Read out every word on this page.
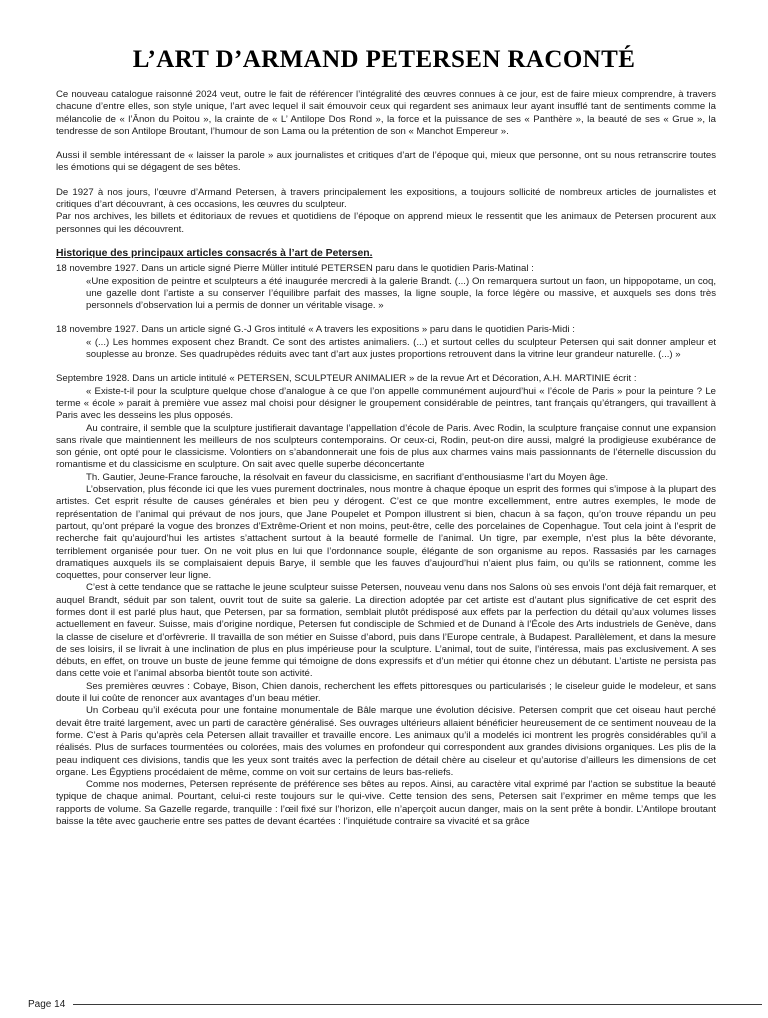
L’ART D’ARMAND PETERSEN RACONTÉ

Ce nouveau catalogue raisonné 2024 veut, outre le fait de référencer l’intégralité des œuvres connues à ce jour, est de faire mieux comprendre, à travers chacune d’entre elles, son style unique, l’art avec lequel il sait émouvoir ceux qui regardent ses animaux leur ayant insufflé tant de sentiments comme la mélancolie de « l’Ânon du Poitou », la crainte de « L’ Antilope Dos Rond », la force et la puissance de ses « Panthère », la beauté de ses « Grue », la tendresse de son Antilope Broutant, l’humour de son Lama ou la prétention de son « Manchot Empereur ».

Aussi il semble intéressant de « laisser la parole » aux journalistes et critiques d’art de l’époque qui, mieux que personne, ont su nous retranscrire toutes les émotions qui se dégagent de ses bêtes.

De 1927 à nos jours, l’œuvre d’Armand Petersen, à travers principalement les expositions, a toujours sollicité de nombreux articles de journalistes et critiques d’art découvrant, à ces occasions, les œuvres du sculpteur.

Par nos archives, les billets et éditoriaux de revues et quotidiens de l’époque on apprend mieux le ressentit que les animaux de Petersen procurent aux personnes qui les découvrent.

Historique des principaux articles consacrés à l’art de Petersen.

18 novembre 1927. Dans un article signé Pierre Müller intitulé PETERSEN paru dans le quotidien Paris-Matinal :

«Une exposition de peintre et sculpteurs a été inaugurée mercredi à la galerie Brandt. (...) On remarquera surtout un faon, un hippopotame, un coq, une gazelle dont l’artiste a su conserver l’équilibre parfait des masses, la ligne souple, la force légère ou massive, et auxquels ses dons très personnels d’observation lui a permis de donner un véritable visage. »

18 novembre 1927. Dans un article signé G.-J Gros intitulé « A travers les expositions » paru dans le quotidien Paris-Midi :

« (...) Les hommes exposent chez Brandt. Ce sont des artistes animaliers. (...) et surtout celles du sculpteur Petersen qui sait donner ampleur et souplesse au bronze. Ses quadrupèdes réduits avec tant d’art aux justes proportions retrouvent dans la vitrine leur grandeur naturelle. (...) »

Septembre 1928. Dans un article intitulé « PETERSEN, SCULPTEUR ANIMALIER » de la revue Art et Décoration, A.H. MARTINIE écrit :

« Existe-t-il pour la sculpture quelque chose d’analogue à ce que l’on appelle communément aujourd’hui « l’école de Paris » pour la peinture ? Le terme « école » parait à première vue assez mal choisi pour désigner le groupement considérable de peintres, tant français qu’étrangers, qui travaillent à Paris avec les desseins les plus opposés.

Au contraire, il semble que la sculpture justifierait davantage l’appellation d’école de Paris. Avec Rodin, la sculpture française connut une expansion sans rivale que maintiennent les meilleurs de nos sculpteurs contemporains. Or ceux-ci, Rodin, peut-on dire aussi, malgré la prodigieuse exubérance de son génie, ont opté pour le classicisme. Volontiers on s’abandonnerait une fois de plus aux charmes vains mais passionnants de l’éternelle discussion du romantisme et du classicisme en sculpture. On sait avec quelle superbe déconcertante

Th. Gautier, Jeune-France farouche, la résolvait en faveur du classicisme, en sacrifiant d’enthousiasme l’art du Moyen âge.

L’observation, plus féconde ici que les vues purement doctrinales, nous montre à chaque époque un esprit des formes qui s’impose à la plupart des artistes. Cet esprit résulte de causes générales et bien peu y dérogent. C’est ce que montre excellemment, entre autres exemples, le mode de représentation de l’animal qui prévaut de nos jours, que Jane Poupelet et Pompon illustrent si bien, chacun à sa façon, qu’on trouve répandu un peu partout, qu’ont préparé la vogue des bronzes d’Extrême-Orient et non moins, peut-être, celle des porcelaines de Copenhague. Tout cela joint à l’esprit de recherche fait qu’aujourd’hui les artistes s’attachent surtout à la beauté formelle de l’animal. Un tigre, par exemple, n’est plus la bête dévorante, terriblement organisée pour tuer. On ne voit plus en lui que l’ordonnance souple, élégante de son organisme au repos. Rassasiés par les carnages dramatiques auxquels ils se complaisaient depuis Barye, il semble que les fauves d’aujourd’hui n’aient plus faim, ou qu’ils se rationnent, comme les coquettes, pour conserver leur ligne.

C’est à cette tendance que se rattache le jeune sculpteur suisse Petersen, nouveau venu dans nos Salons où ses envois l’ont déjà fait remarquer, et auquel Brandt, séduit par son talent, ouvrit tout de suite sa galerie. La direction adoptée par cet artiste est d’autant plus significative de cet esprit des formes dont il est parlé plus haut, que Petersen, par sa formation, semblait plutôt prédisposé aux effets par la perfection du détail qu’aux volumes lisses actuellement en faveur. Suisse, mais d’origine nordique, Petersen fut condisciple de Schmied et de Dunand à l’École des Arts industriels de Genève, dans la classe de ciselure et d’orfèvrerie. Il travailla de son métier en Suisse d’abord, puis dans l’Europe centrale, à Budapest. Parallèlement, et dans la mesure de ses loisirs, il se livrait à une inclination de plus en plus impérieuse pour la sculpture. L’animal, tout de suite, l’intéressa, mais pas exclusivement. A ses débuts, en effet, on trouve un buste de jeune femme qui témoigne de dons expressifs et d’un métier qui étonne chez un débutant. L’artiste ne persista pas dans cette voie et l’animal absorba bientôt toute son activité.

Ses premières œuvres : Cobaye, Bison, Chien danois, recherchent les effets pittoresques ou particularisés ; le ciseleur guide le modeleur, et sans doute il lui coûte de renoncer aux avantages d’un beau métier.

Un Corbeau qu’il exécuta pour une fontaine monumentale de Bâle marque une évolution décisive. Petersen comprit que cet oiseau haut perché devait être traité largement, avec un parti de caractère généralisé. Ses ouvrages ultérieurs allaient bénéficier heureusement de ce sentiment nouveau de la forme. C’est à Paris qu’après cela Petersen allait travailler et travaille encore. Les animaux qu’il a modelés ici montrent les progrès considérables qu’il a réalisés. Plus de surfaces tourmentées ou colorées, mais des volumes en profondeur qui correspondent aux grandes divisions organiques. Les plis de la peau indiquent ces divisions, tandis que les yeux sont traités avec la perfection de détail chère au ciseleur et qu’autorise d’ailleurs les dimensions de cet organe. Les Égyptiens procédaient de même, comme on voit sur certains de leurs bas-reliefs.

Comme nos modernes, Petersen représente de préférence ses bêtes au repos. Ainsi, au caractère vital exprimé par l’action se substitue la beauté typique de chaque animal. Pourtant, celui-ci reste toujours sur le qui-vive. Cette tension des sens, Petersen sait l’exprimer en même temps que les rapports de volume. Sa Gazelle regarde, tranquille : l’œil fixé sur l’horizon, elle n’aperçoit aucun danger, mais on la sent prête à bondir. L’Antilope broutant baisse la tête avec gaucherie entre ses pattes de devant écartées : l’inquiétude contraire sa vivacité et sa grâce

Page 14
